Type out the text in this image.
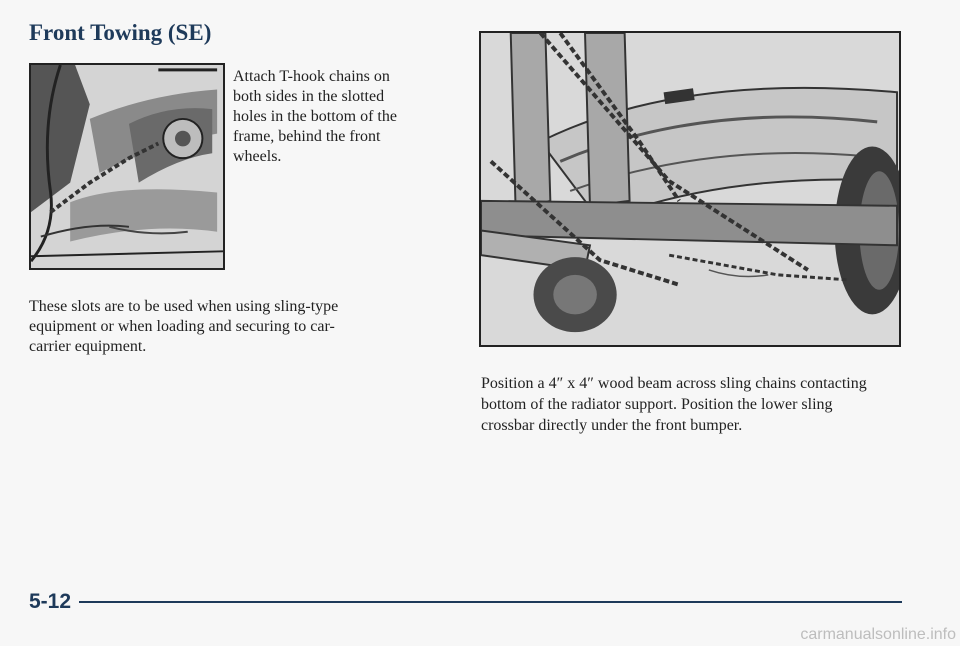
Front Towing (SE)
Attach T-hook chains on both sides in the slotted holes in the bottom of the frame, behind the front wheels.
These slots are to be used when using sling-type equipment or when loading and securing to car-carrier equipment.
Position a 4″ x 4″ wood beam across sling chains contacting bottom of the radiator support. Position the lower sling crossbar directly under the front bumper.
5-12
carmanualsonline.info
